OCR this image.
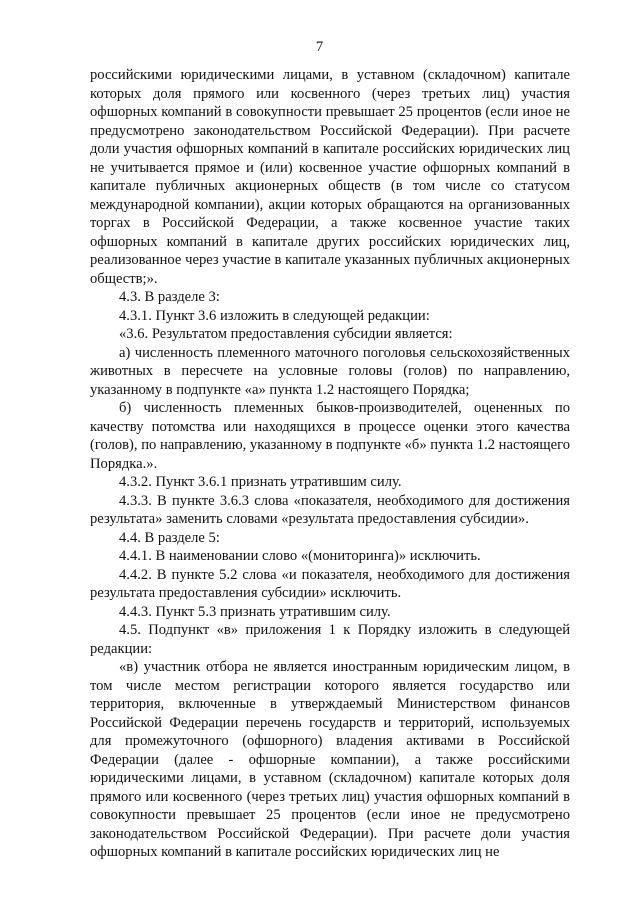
7

российскими юридическими лицами, в уставном (складочном) капитале которых доля прямого или косвенного (через третьих лиц) участия офшорных компаний в совокупности превышает 25 процентов (если иное не предусмотрено законодательством Российской Федерации). При расчете доли участия офшорных компаний в капитале российских юридических лиц не учитывается прямое и (или) косвенное участие офшорных компаний в капитале публичных акционерных обществ (в том числе со статусом международной компании), акции которых обращаются на организованных торгах в Российской Федерации, а также косвенное участие таких офшорных компаний в капитале других российских юридических лиц, реализованное через участие в капитале указанных публичных акционерных обществ;».

4.3. В разделе 3:

4.3.1. Пункт 3.6 изложить в следующей редакции:

«3.6. Результатом предоставления субсидии является:

а) численность племенного маточного поголовья сельскохозяйственных животных в пересчете на условные головы (голов) по направлению, указанному в подпункте «а» пункта 1.2 настоящего Порядка;

б) численность племенных быков-производителей, оцененных по качеству потомства или находящихся в процессе оценки этого качества (голов), по направлению, указанному в подпункте «б» пункта 1.2 настоящего Порядка.».

4.3.2. Пункт 3.6.1 признать утратившим силу.

4.3.3. В пункте 3.6.3 слова «показателя, необходимого для достижения результата» заменить словами «результата предоставления субсидии».

4.4. В разделе 5:

4.4.1. В наименовании слово «(мониторинга)» исключить.

4.4.2. В пункте 5.2 слова «и показателя, необходимого для достижения результата предоставления субсидии» исключить.

4.4.3. Пункт 5.3 признать утратившим силу.

4.5. Подпункт «в» приложения 1 к Порядку изложить в следующей редакции:

«в) участник отбора не является иностранным юридическим лицом, в том числе местом регистрации которого является государство или территория, включенные в утверждаемый Министерством финансов Российской Федерации перечень государств и территорий, используемых для промежуточного (офшорного) владения активами в Российской Федерации (далее - офшорные компании), а также российскими юридическими лицами, в уставном (складочном) капитале которых доля прямого или косвенного (через третьих лиц) участия офшорных компаний в совокупности превышает 25 процентов (если иное не предусмотрено законодательством Российской Федерации). При расчете доли участия офшорных компаний в капитале российских юридических лиц не
